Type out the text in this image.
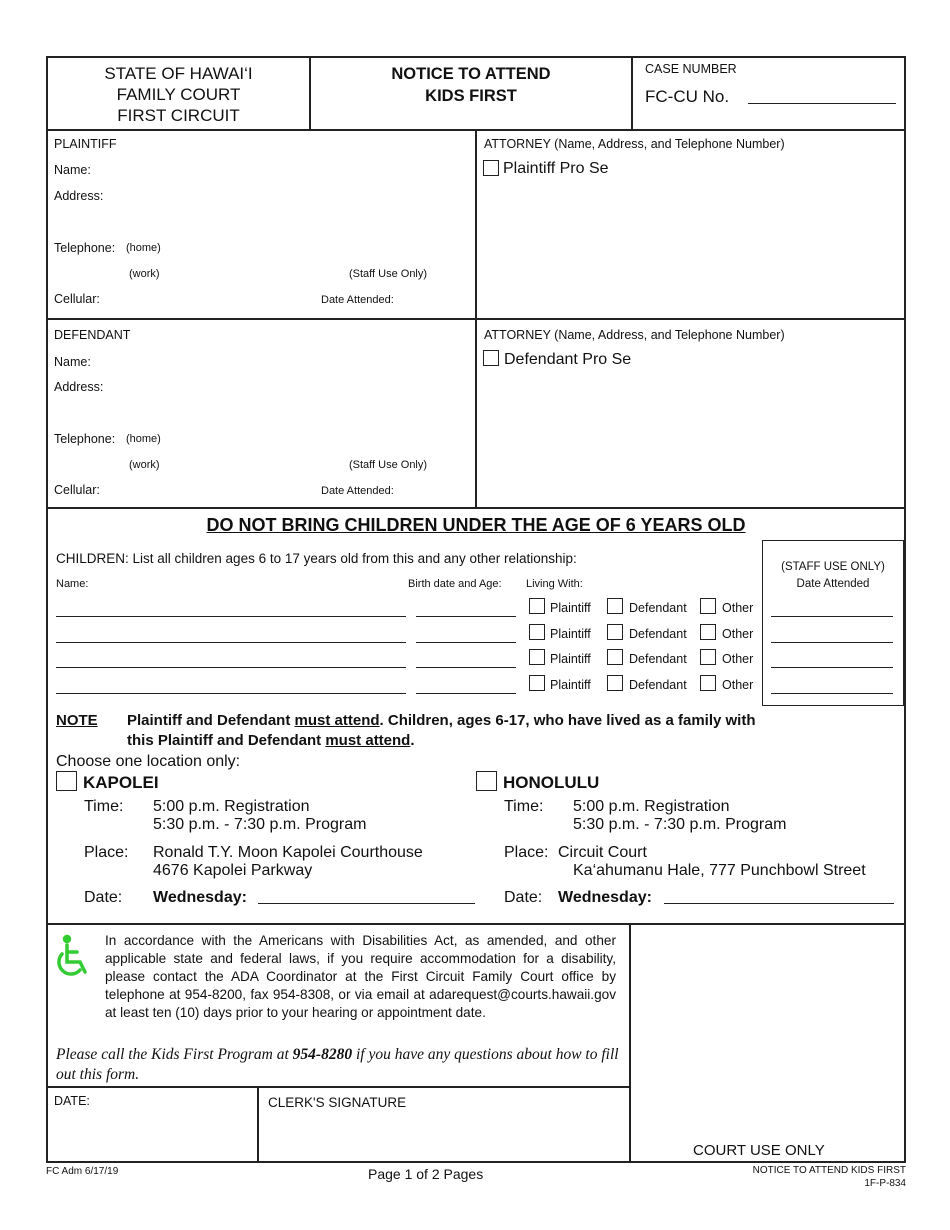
STATE OF HAWAI‘I
FAMILY COURT
FIRST CIRCUIT
NOTICE TO ATTEND
KIDS FIRST
CASE NUMBER
FC-CU No.
PLAINTIFF
Name:
Address:
Telephone: (home)
(work)	(Staff Use Only)
Cellular:	Date Attended:
ATTORNEY (Name, Address, and Telephone Number)
Plaintiff Pro Se
DEFENDANT
Name:
Address:
Telephone: (home)
(work)	(Staff Use Only)
Cellular:	Date Attended:
ATTORNEY (Name, Address, and Telephone Number)
Defendant Pro Se
DO NOT BRING CHILDREN UNDER THE AGE OF 6 YEARS OLD
CHILDREN: List all children ages 6 to 17 years old from this and any other relationship:
Name:	Birth date and Age: Living With:
(STAFF USE ONLY)
Date Attended
Plaintiff	Defendant	Other
Plaintiff	Defendant	Other
Plaintiff	Defendant	Other
Plaintiff	Defendant	Other
NOTE	Plaintiff and Defendant must attend. Children, ages 6-17, who have lived as a family with
this Plaintiff and Defendant must attend.
Choose one location only:
KAPOLEI
Time: 5:00 p.m. Registration
5:30 p.m. - 7:30 p.m. Program
Place: Ronald T.Y. Moon Kapolei Courthouse
4676 Kapolei Parkway
Date: Wednesday:
HONOLULU
Time: 5:00 p.m. Registration
5:30 p.m. - 7:30 p.m. Program
Place: Circuit Court
Ka‘ahumanu Hale, 777 Punchbowl Street
Date: Wednesday:
In accordance with the Americans with Disabilities Act, as amended, and other applicable state and federal laws, if you require accommodation for a disability, please contact the ADA Coordinator at the First Circuit Family Court office by telephone at 954-8200, fax 954-8308, or via email at adarequest@courts.hawaii.gov at least ten (10) days prior to your hearing or appointment date.
Please call the Kids First Program at 954-8280 if you have any questions about how to fill out this form.
DATE:	CLERK'S SIGNATURE
COURT USE ONLY
FC Adm 6/17/19	Page 1 of 2 Pages	NOTICE TO ATTEND KIDS FIRST
1F-P-834
